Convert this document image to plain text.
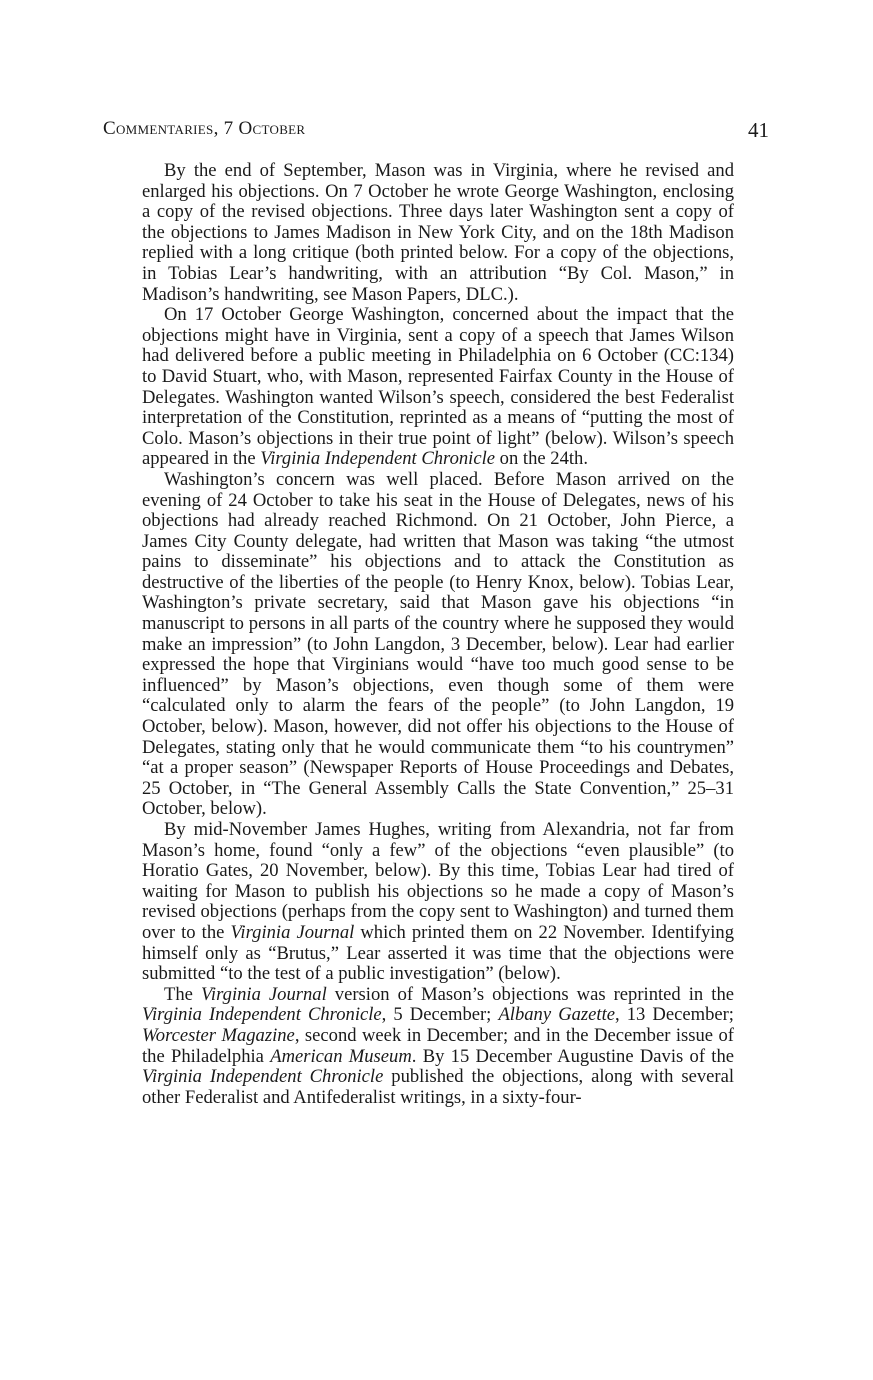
Commentaries, 7 October	41

By the end of September, Mason was in Virginia, where he revised and enlarged his objections. On 7 October he wrote George Washington, enclosing a copy of the revised objections. Three days later Washington sent a copy of the objections to James Madison in New York City, and on the 18th Madison replied with a long critique (both printed below. For a copy of the objections, in Tobias Lear’s handwriting, with an attribution “By Col. Mason,” in Madison’s handwriting, see Mason Papers, DLC.).

On 17 October George Washington, concerned about the impact that the objections might have in Virginia, sent a copy of a speech that James Wilson had delivered before a public meeting in Philadelphia on 6 October (CC:134) to David Stuart, who, with Mason, represented Fairfax County in the House of Delegates. Washington wanted Wilson’s speech, considered the best Federalist interpretation of the Constitution, reprinted as a means of “putting the most of Colo. Mason’s objections in their true point of light” (below). Wilson’s speech appeared in the Virginia Independent Chronicle on the 24th.

Washington’s concern was well placed. Before Mason arrived on the evening of 24 October to take his seat in the House of Delegates, news of his objections had already reached Richmond. On 21 October, John Pierce, a James City County delegate, had written that Mason was taking “the utmost pains to disseminate” his objections and to attack the Constitution as destructive of the liberties of the people (to Henry Knox, below). Tobias Lear, Washington’s private secretary, said that Mason gave his objections “in manuscript to persons in all parts of the country where he supposed they would make an impression” (to John Langdon, 3 December, below). Lear had earlier expressed the hope that Virginians would “have too much good sense to be influenced” by Mason’s objections, even though some of them were “calculated only to alarm the fears of the people” (to John Langdon, 19 October, below). Mason, however, did not offer his objections to the House of Delegates, stating only that he would communicate them “to his countrymen” “at a proper season” (Newspaper Reports of House Proceedings and Debates, 25 October, in “The General Assembly Calls the State Convention,” 25–31 October, below).

By mid-November James Hughes, writing from Alexandria, not far from Mason’s home, found “only a few” of the objections “even plausible” (to Horatio Gates, 20 November, below). By this time, Tobias Lear had tired of waiting for Mason to publish his objections so he made a copy of Mason’s revised objections (perhaps from the copy sent to Washington) and turned them over to the Virginia Journal which printed them on 22 November. Identifying himself only as “Brutus,” Lear asserted it was time that the objections were submitted “to the test of a public investigation” (below).

The Virginia Journal version of Mason’s objections was reprinted in the Virginia Independent Chronicle, 5 December; Albany Gazette, 13 December; Worcester Magazine, second week in December; and in the December issue of the Philadelphia American Museum. By 15 December Augustine Davis of the Virginia Independent Chronicle published the objections, along with several other Federalist and Antifederalist writings, in a sixty-four-
